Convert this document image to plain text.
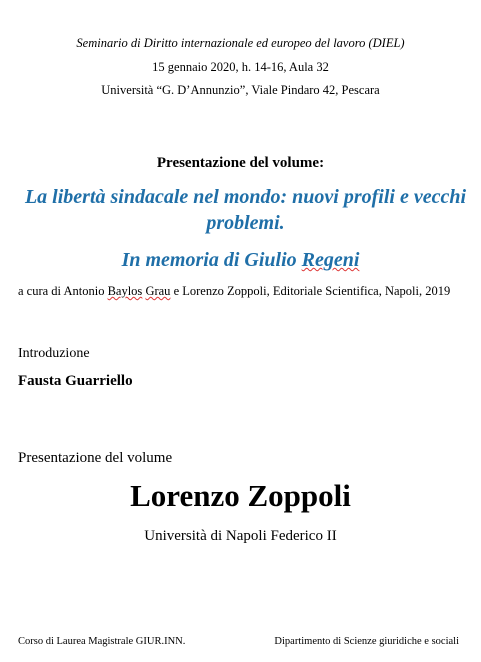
Seminario di Diritto internazionale ed europeo del lavoro (DIEL)
15 gennaio 2020, h. 14-16, Aula 32
Università “G. D’Annunzio”, Viale Pindaro 42, Pescara
Presentazione del volume:
La libertà sindacale nel mondo: nuovi profili e vecchi problemi.
In memoria di Giulio Regeni
a cura di Antonio Baylos Grau e Lorenzo Zoppoli, Editoriale Scientifica, Napoli, 2019
Introduzione
Fausta Guarriello
Presentazione del volume
Lorenzo Zoppoli
Università di Napoli Federico II
Corso di Laurea Magistrale GIUR.INN.	Dipartimento di Scienze giuridiche e sociali
